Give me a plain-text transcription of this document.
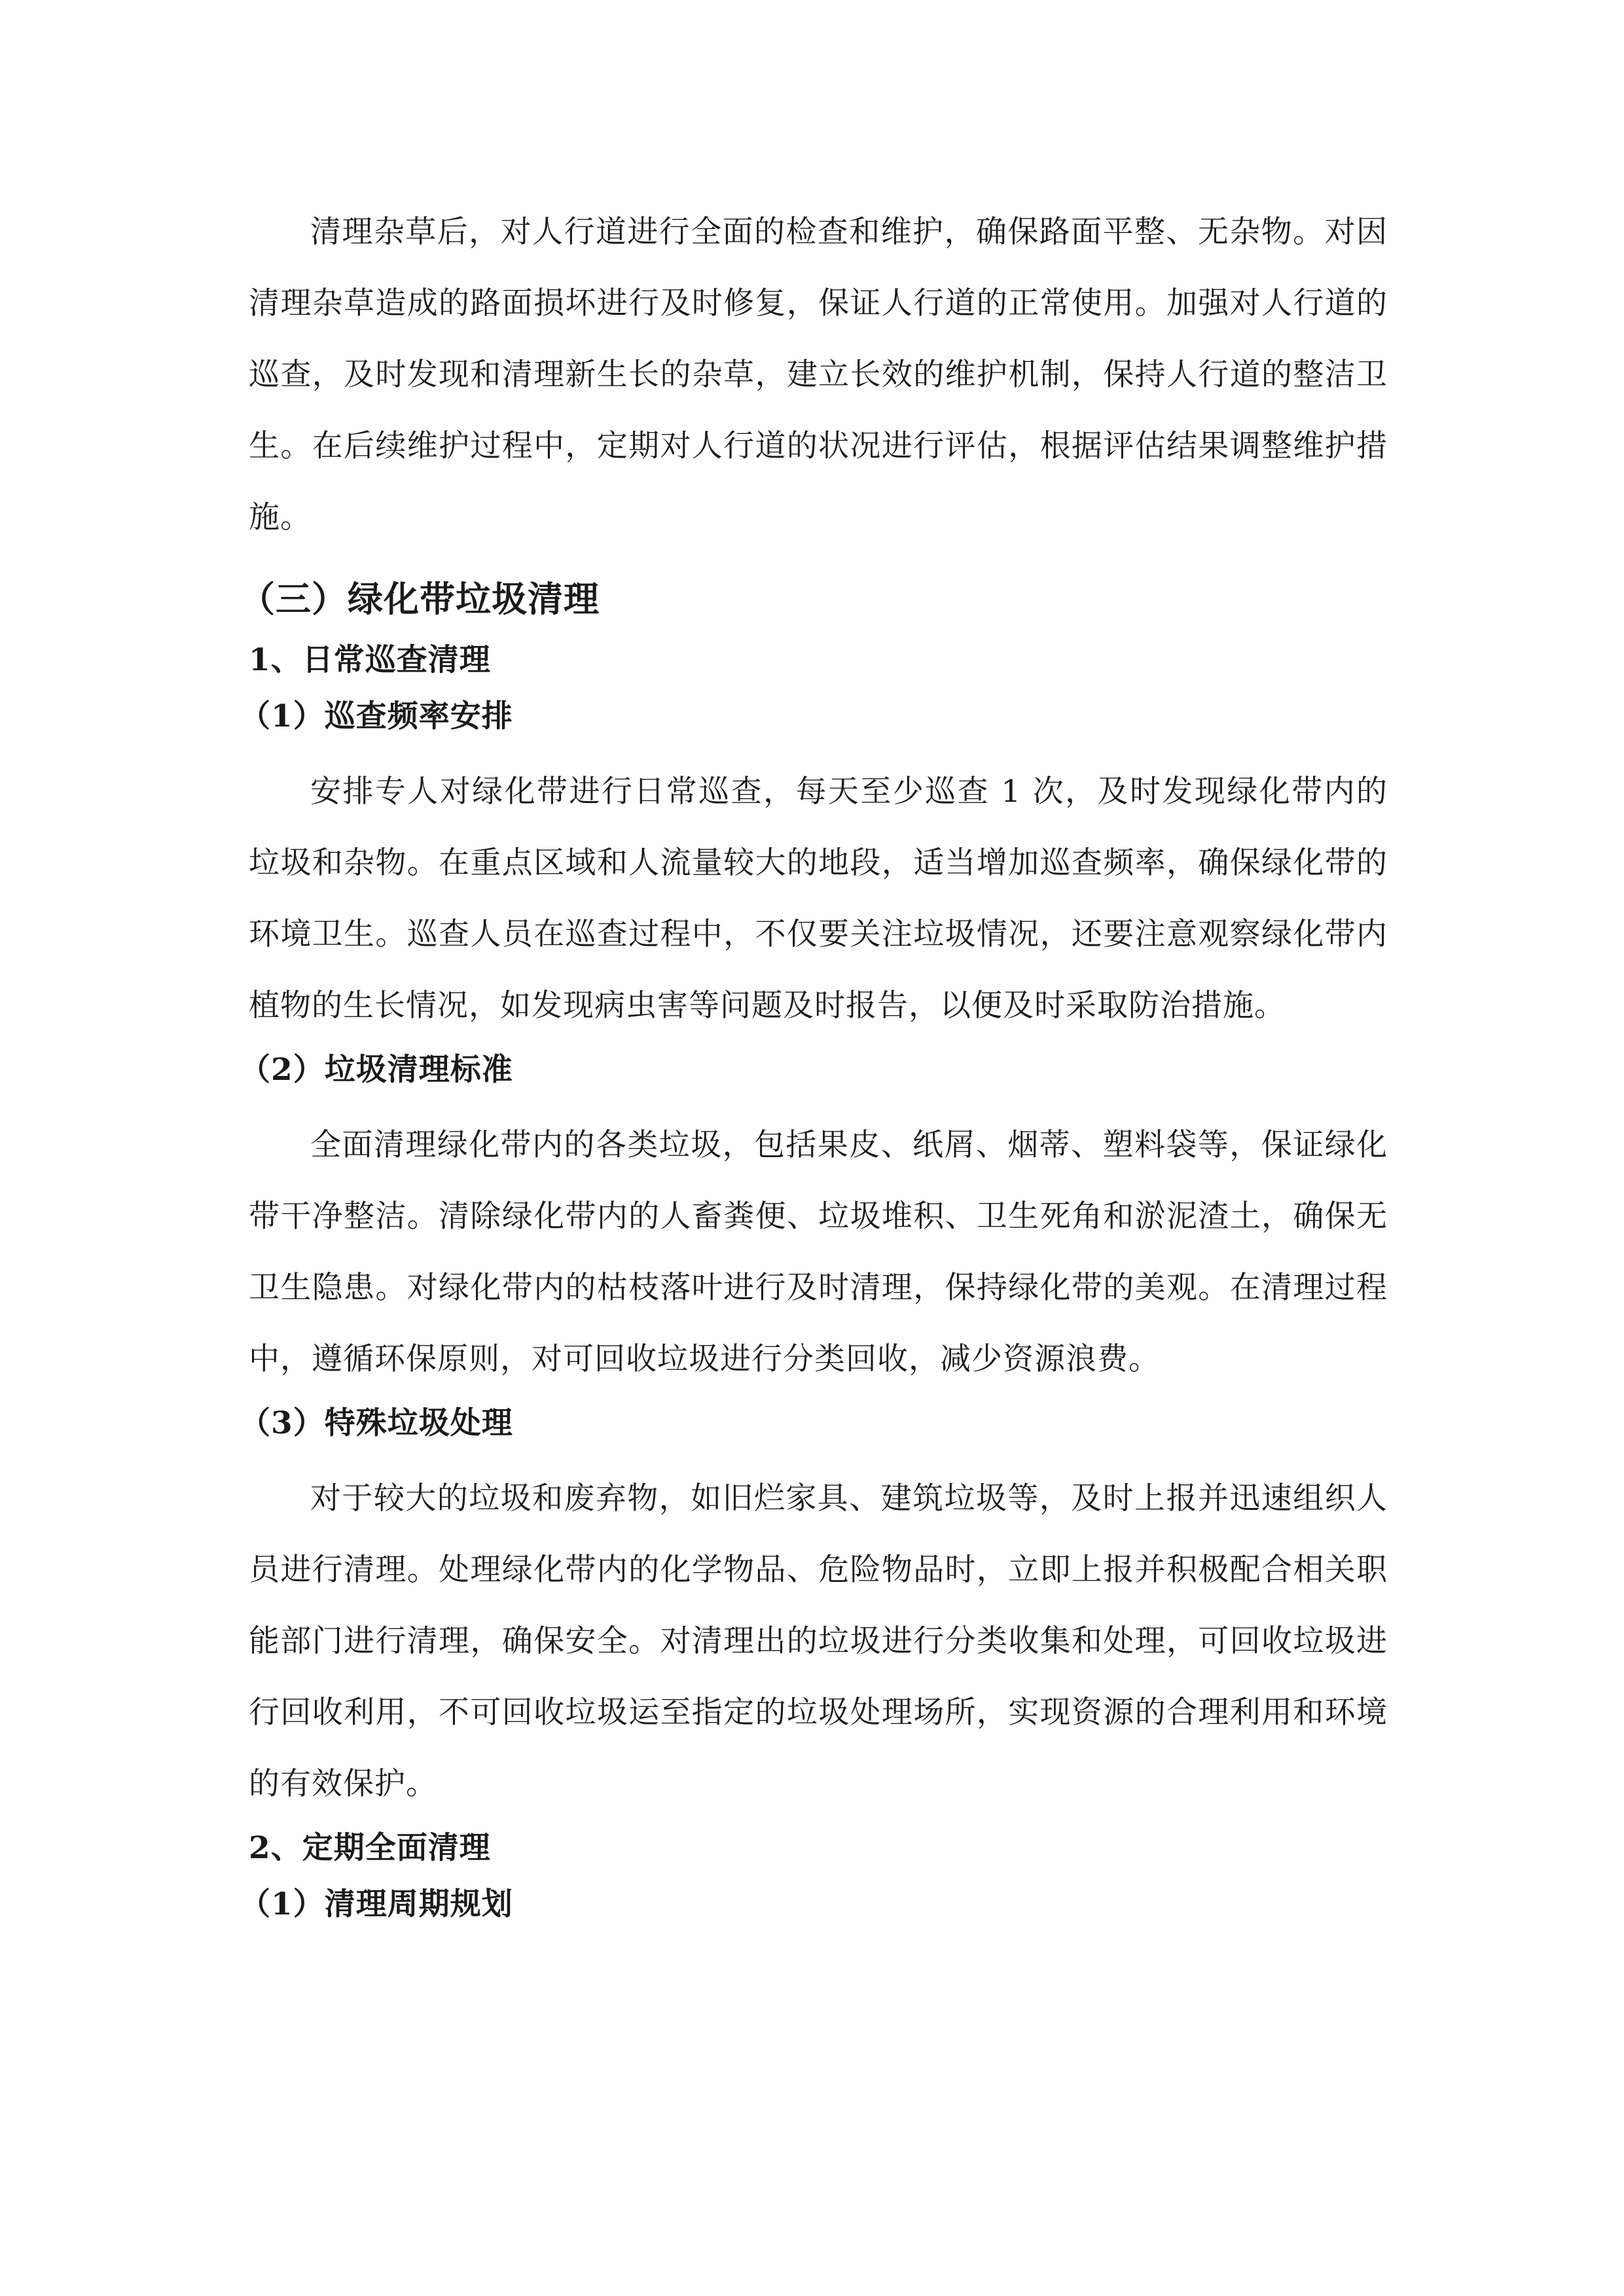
清理杂草后，对人行道进行全面的检查和维护，确保路面平整、无杂物。对因清理杂草造成的路面损坏进行及时修复，保证人行道的正常使用。加强对人行道的巡查，及时发现和清理新生长的杂草，建立长效的维护机制，保持人行道的整洁卫生。在后续维护过程中，定期对人行道的状况进行评估，根据评估结果调整维护措施。

（三）绿化带垃圾清理
1、日常巡查清理
（1）巡查频率安排

安排专人对绿化带进行日常巡查，每天至少巡查 1 次，及时发现绿化带内的垃圾和杂物。在重点区域和人流量较大的地段，适当增加巡查频率，确保绿化带的环境卫生。巡查人员在巡查过程中，不仅要关注垃圾情况，还要注意观察绿化带内植物的生长情况，如发现病虫害等问题及时报告，以便及时采取防治措施。

（2）垃圾清理标准

全面清理绿化带内的各类垃圾，包括果皮、纸屑、烟蒂、塑料袋等，保证绿化带干净整洁。清除绿化带内的人畜粪便、垃圾堆积、卫生死角和淤泥渣土，确保无卫生隐患。对绿化带内的枯枝落叶进行及时清理，保持绿化带的美观。在清理过程中，遵循环保原则，对可回收垃圾进行分类回收，减少资源浪费。

（3）特殊垃圾处理

对于较大的垃圾和废弃物，如旧烂家具、建筑垃圾等，及时上报并迅速组织人员进行清理。处理绿化带内的化学物品、危险物品时，立即上报并积极配合相关职能部门进行清理，确保安全。对清理出的垃圾进行分类收集和处理，可回收垃圾进行回收利用，不可回收垃圾运至指定的垃圾处理场所，实现资源的合理利用和环境的有效保护。

2、定期全面清理
（1）清理周期规划
